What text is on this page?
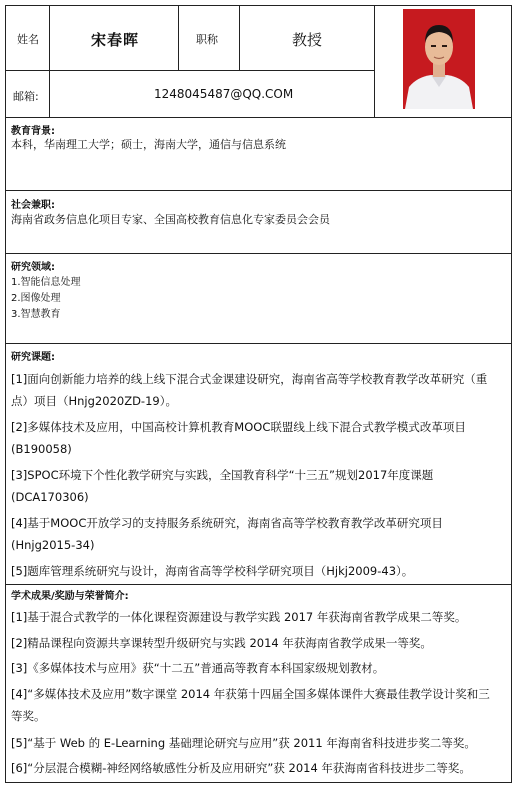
姓名	宋春晖	职称	教授
邮箱:	1248045487@QQ.COM
教育背景:
本科，华南理工大学；硕士，海南大学，通信与信息系统
社会兼职:
海南省政务信息化项目专家、全国高校教育信息化专家委员会会员
研究领域:
1.智能信息处理
2.图像处理
3.智慧教育
研究课题:
[1]面向创新能力培养的线上线下混合式金课建设研究，海南省高等学校教育教学改革研究（重点）项目（Hnjg2020ZD-19）。
[2]多媒体技术及应用，中国高校计算机教育MOOC联盟线上线下混合式教学模式改革项目(B190058)
[3]SPOC环境下个性化教学研究与实践，全国教育科学“十三五”规划2017年度课题(DCA170306)
[4]基于MOOC开放学习的支持服务系统研究，海南省高等学校教育教学改革研究项目(Hnjg2015-34)
[5]题库管理系统研究与设计，海南省高等学校科学研究项目（Hjkj2009-43）。
学术成果/奖励与荣誉简介:
[1]基于混合式教学的一体化课程资源建设与教学实践 2017 年获海南省教学成果二等奖。
[2]精品课程向资源共享课转型升级研究与实践 2014 年获海南省教学成果一等奖。
[3]《多媒体技术与应用》获“十二五”普通高等教育本科国家级规划教材。
[4]“多媒体技术及应用”数字课堂 2014 年获第十四届全国多媒体课件大赛最佳教学设计奖和三等奖。
[5]“基于 Web 的 E-Learning 基础理论研究与应用”获 2011 年海南省科技进步奖二等奖。
[6]“分层混合模糊-神经网络敏感性分析及应用研究”获 2014 年获海南省科技进步二等奖。
